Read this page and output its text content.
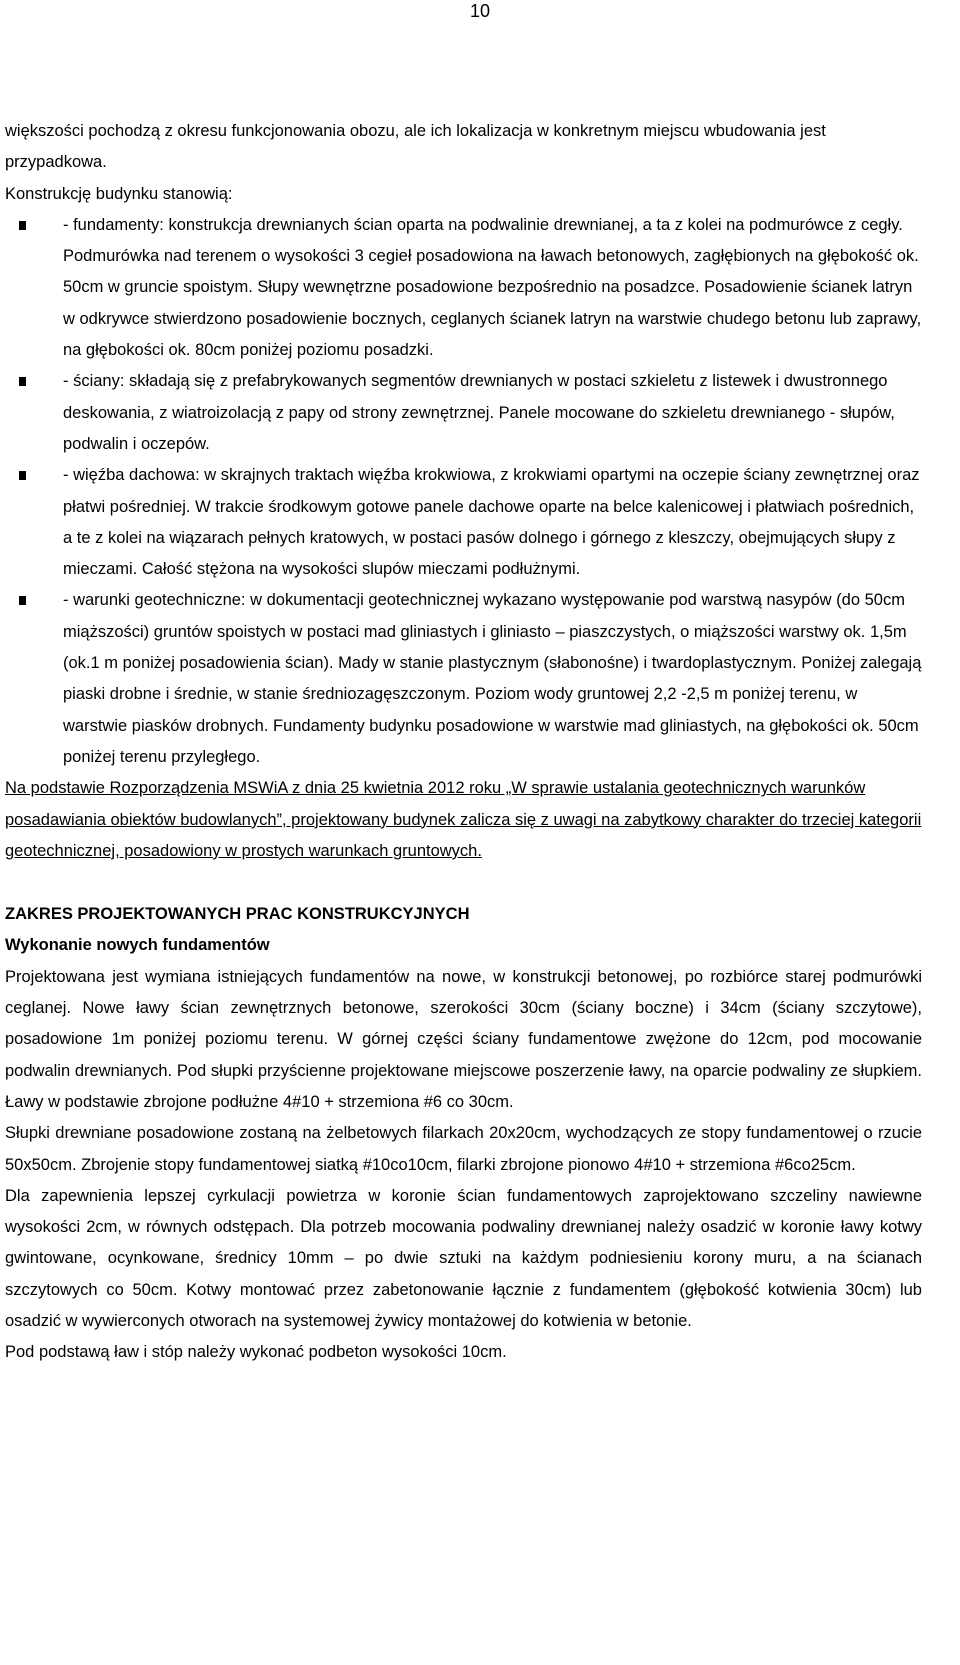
10

większości pochodzą z okresu funkcjonowania obozu, ale ich lokalizacja w konkretnym miejscu wbudowania jest przypadkowa.

Konstrukcję budynku stanowią:

- fundamenty: konstrukcja drewnianych ścian oparta na podwalinie drewnianej, a ta z kolei na podmurówce z cegły. Podmurówka nad terenem o wysokości 3 cegieł posadowiona na ławach betonowych, zagłębionych na głębokość ok. 50cm w gruncie spoistym. Słupy wewnętrzne posadowione bezpośrednio na posadzce. Posadowienie ścianek latryn w odkrywce stwierdzono posadowienie bocznych, ceglanych ścianek latryn na warstwie chudego betonu lub zaprawy, na głębokości ok. 80cm poniżej poziomu posadzki.
- ściany: składają się z prefabrykowanych segmentów drewnianych w postaci szkieletu z listewek i dwustronnego deskowania, z wiatroizolacją z papy od strony zewnętrznej. Panele mocowane do szkieletu drewnianego - słupów, podwalin i oczepów.
- więźba dachowa: w skrajnych traktach więźba krokwiowa, z krokwiami opartymi na oczepie ściany zewnętrznej oraz płatwi pośredniej. W trakcie środkowym gotowe panele dachowe oparte na belce kalenicowej i płatwiach pośrednich, a te z kolei na wiązarach pełnych kratowych, w postaci pasów dolnego i górnego z kleszczy, obejmujących słupy z mieczami. Całość stężona na wysokości slupów mieczami podłużnymi.
- warunki geotechniczne: w dokumentacji geotechnicznej wykazano występowanie pod warstwą nasypów (do 50cm miąższości) gruntów spoistych w postaci mad gliniastych i gliniasto – piaszczystych, o miąższości warstwy ok. 1,5m (ok.1 m poniżej posadowienia ścian). Mady w stanie plastycznym (słabonośne) i twardoplastycznym. Poniżej zalegają piaski drobne i średnie, w stanie średniozagęszczonym. Poziom wody gruntowej 2,2 -2,5 m poniżej terenu, w warstwie piasków drobnych. Fundamenty budynku posadowione w warstwie mad gliniastych, na głębokości ok. 50cm poniżej terenu przyległego.

Na podstawie Rozporządzenia MSWiA z dnia 25 kwietnia 2012 roku „W sprawie ustalania geotechnicznych warunków posadawiania obiektów budowlanych”, projektowany budynek zalicza się z uwagi na zabytkowy charakter do trzeciej kategorii geotechnicznej, posadowiony w prostych warunkach gruntowych.

ZAKRES PROJEKTOWANYCH PRAC KONSTRUKCYJNYCH

Wykonanie nowych fundamentów

Projektowana jest wymiana istniejących fundamentów na nowe, w konstrukcji betonowej, po rozbiórce starej podmurówki ceglanej. Nowe ławy ścian zewnętrznych betonowe, szerokości 30cm (ściany boczne) i 34cm (ściany szczytowe), posadowione 1m poniżej poziomu terenu. W górnej części ściany fundamentowe zwężone do 12cm, pod mocowanie podwalin drewnianych. Pod słupki przyścienne projektowane miejscowe poszerzenie ławy, na oparcie podwaliny ze słupkiem. Ławy w podstawie zbrojone podłużne 4#10 + strzemiona #6 co 30cm.

Słupki drewniane posadowione zostaną na żelbetowych filarkach 20x20cm, wychodzących ze stopy fundamentowej o rzucie 50x50cm. Zbrojenie stopy fundamentowej siatką #10co10cm, filarki zbrojone pionowo 4#10 + strzemiona #6co25cm.

Dla zapewnienia lepszej cyrkulacji powietrza w koronie ścian fundamentowych zaprojektowano szczeliny nawiewne wysokości 2cm, w równych odstępach. Dla potrzeb mocowania podwaliny drewnianej należy osadzić w koronie ławy kotwy gwintowane, ocynkowane, średnicy 10mm – po dwie sztuki na każdym podniesieniu korony muru, a na ścianach szczytowych co 50cm. Kotwy montować przez zabetonowanie łącznie z fundamentem (głębokość kotwienia 30cm) lub osadzić w wywierconych otworach na systemowej żywicy montażowej do kotwienia w betonie.

Pod podstawą ław i stóp należy wykonać podbeton wysokości 10cm.
